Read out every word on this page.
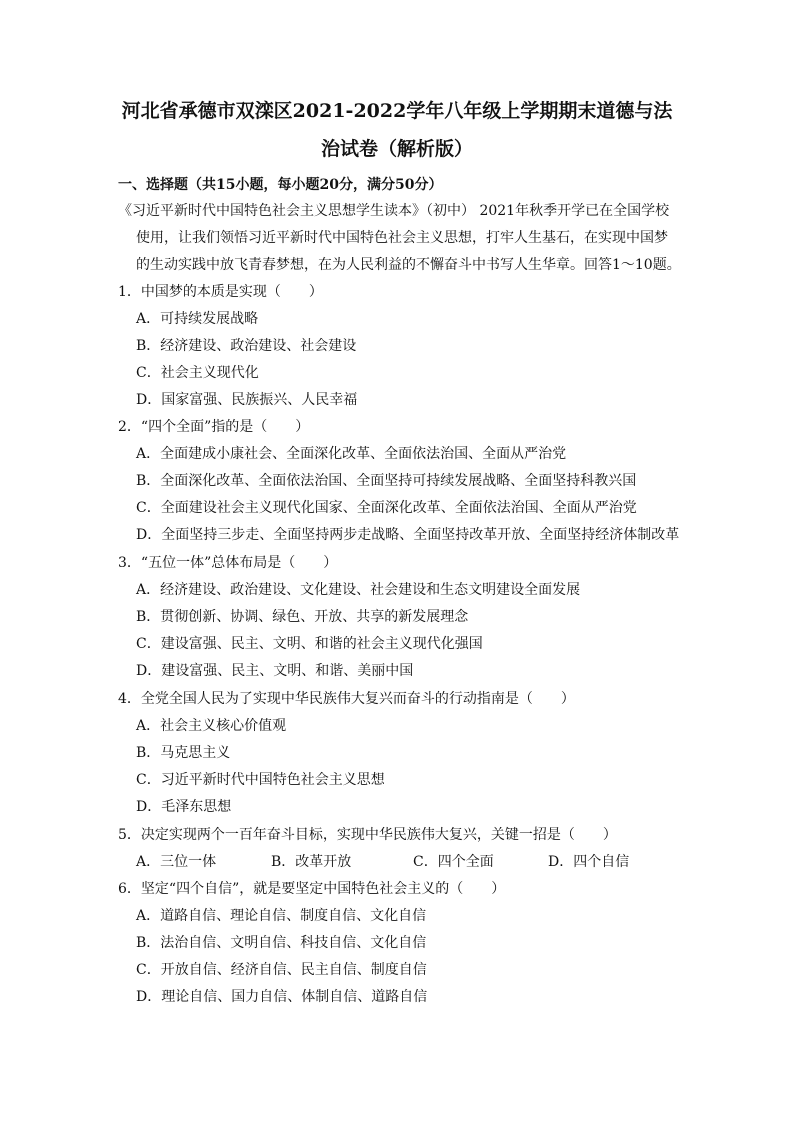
河北省承德市双滦区2021-2022学年八年级上学期期末道德与法
治试卷（解析版）
一、选择题（共15小题，每小题20分，满分50分）
《习近平新时代中国特色社会主义思想学生读本》（初中） 2021年秋季开学已在全国学校
使用，让我们领悟习近平新时代中国特色社会主义思想，打牢人生基石，在实现中国梦
的生动实践中放飞青春梦想，在为人民利益的不懈奋斗中书写人生华章。回答1～10题。
1．中国梦的本质是实现（　　）
A．可持续发展战略
B．经济建设、政治建设、社会建设
C．社会主义现代化
D．国家富强、民族振兴、人民幸福
2．“四个全面”指的是（　　）
A．全面建成小康社会、全面深化改革、全面依法治国、全面从严治党
B．全面深化改革、全面依法治国、全面坚持可持续发展战略、全面坚持科教兴国
C．全面建设社会主义现代化国家、全面深化改革、全面依法治国、全面从严治党
D．全面坚持三步走、全面坚持两步走战略、全面坚持改革开放、全面坚持经济体制改革
3．“五位一体”总体布局是（　　）
A．经济建设、政治建设、文化建设、社会建设和生态文明建设全面发展
B．贯彻创新、协调、绿色、开放、共享的新发展理念
C．建设富强、民主、文明、和谐的社会主义现代化强国
D．建设富强、民主、文明、和谐、美丽中国
4．全党全国人民为了实现中华民族伟大复兴而奋斗的行动指南是（　　）
A．社会主义核心价值观
B．马克思主义
C．习近平新时代中国特色社会主义思想
D．毛泽东思想
5．决定实现两个一百年奋斗目标，实现中华民族伟大复兴，关键一招是（　　）
A．三位一体	B．改革开放	C．四个全面	D．四个自信
6．坚定“四个自信”，就是要坚定中国特色社会主义的（　　）
A．道路自信、理论自信、制度自信、文化自信
B．法治自信、文明自信、科技自信、文化自信
C．开放自信、经济自信、民主自信、制度自信
D．理论自信、国力自信、体制自信、道路自信
